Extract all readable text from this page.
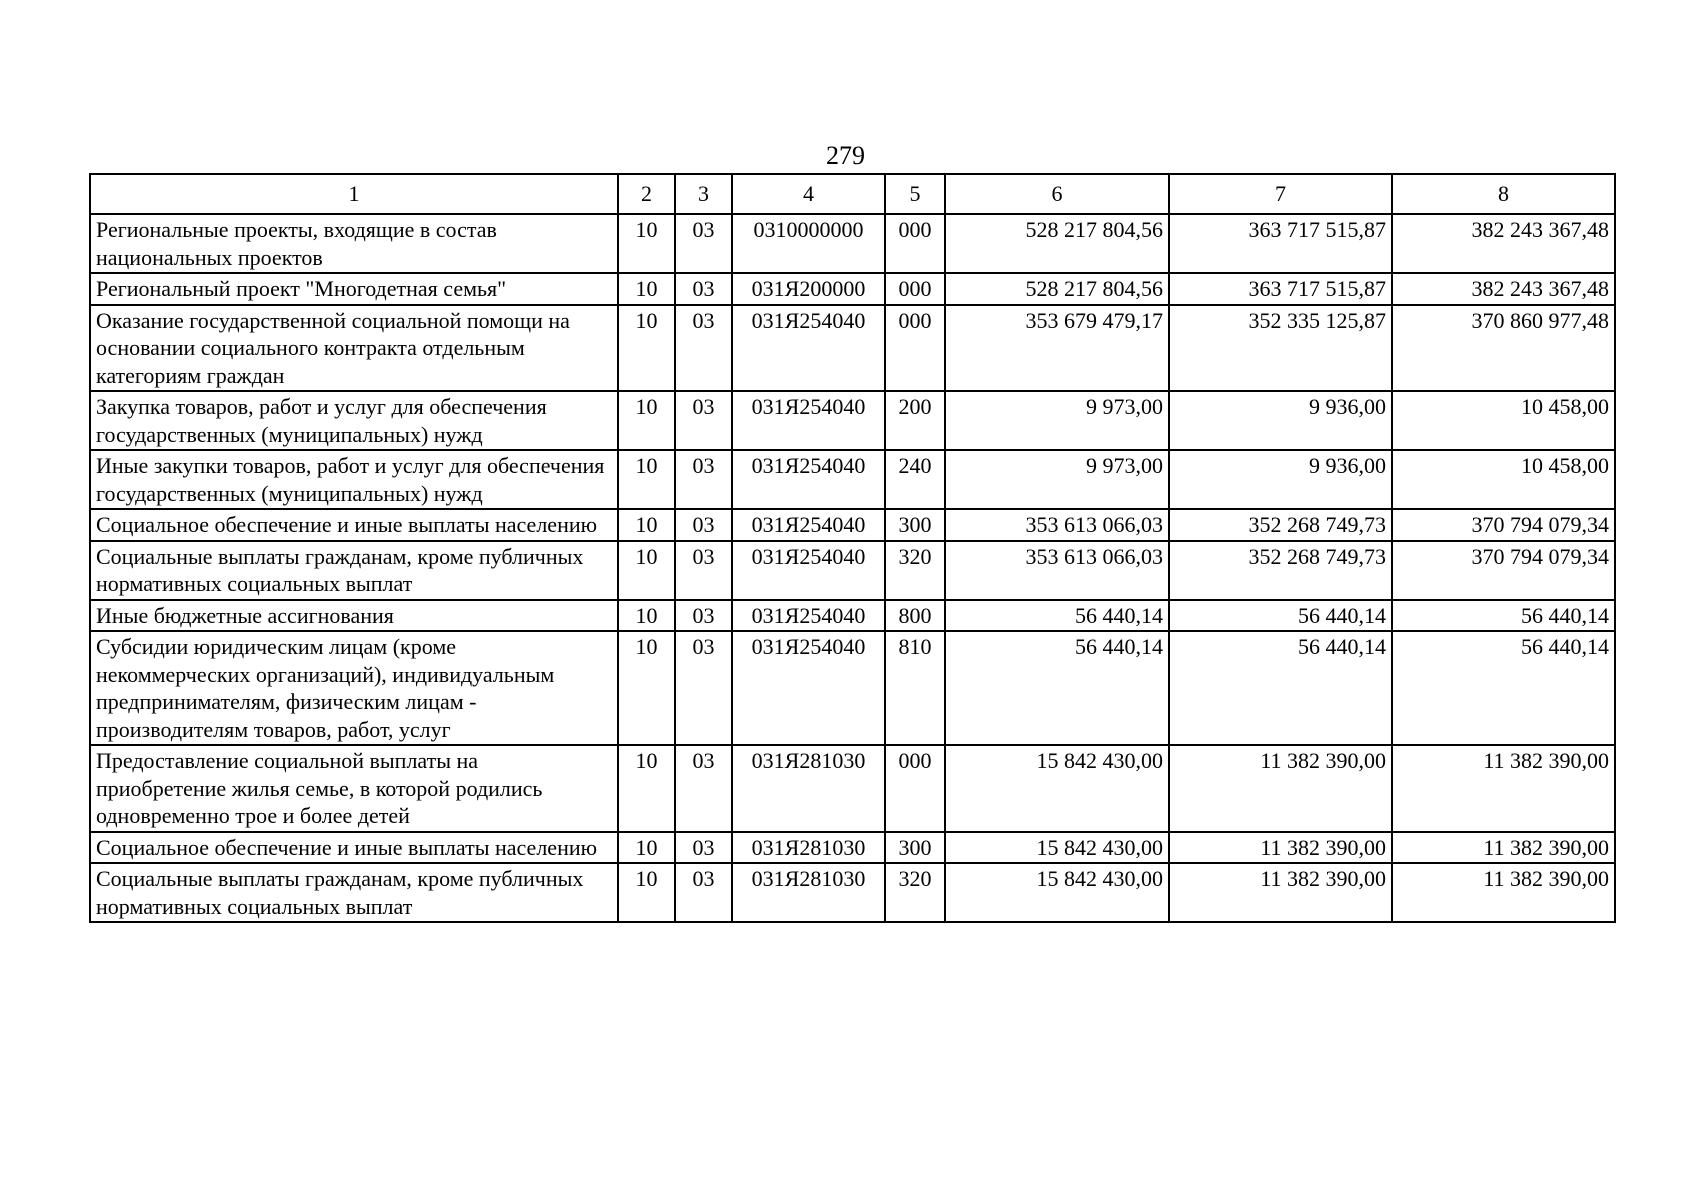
279
1	2	3	4	5	6	7	8
Региональные проекты, входящие в состав национальных проектов	10	03	0310000000	000	528 217 804,56	363 717 515,87	382 243 367,48
Региональный проект "Многодетная семья"	10	03	031Я200000	000	528 217 804,56	363 717 515,87	382 243 367,48
Оказание государственной социальной помощи на основании социального контракта отдельным категориям граждан	10	03	031Я254040	000	353 679 479,17	352 335 125,87	370 860 977,48
Закупка товаров, работ и услуг для обеспечения государственных (муниципальных) нужд	10	03	031Я254040	200	9 973,00	9 936,00	10 458,00
Иные закупки товаров, работ и услуг для обеспечения государственных (муниципальных) нужд	10	03	031Я254040	240	9 973,00	9 936,00	10 458,00
Социальное обеспечение и иные выплаты населению	10	03	031Я254040	300	353 613 066,03	352 268 749,73	370 794 079,34
Социальные выплаты гражданам, кроме публичных нормативных социальных выплат	10	03	031Я254040	320	353 613 066,03	352 268 749,73	370 794 079,34
Иные бюджетные ассигнования	10	03	031Я254040	800	56 440,14	56 440,14	56 440,14
Субсидии юридическим лицам (кроме некоммерческих организаций), индивидуальным предпринимателям, физическим лицам - производителям товаров, работ, услуг	10	03	031Я254040	810	56 440,14	56 440,14	56 440,14
Предоставление социальной выплаты на приобретение жилья семье, в которой родились одновременно трое и более детей	10	03	031Я281030	000	15 842 430,00	11 382 390,00	11 382 390,00
Социальное обеспечение и иные выплаты населению	10	03	031Я281030	300	15 842 430,00	11 382 390,00	11 382 390,00
Социальные выплаты гражданам, кроме публичных нормативных социальных выплат	10	03	031Я281030	320	15 842 430,00	11 382 390,00	11 382 390,00
